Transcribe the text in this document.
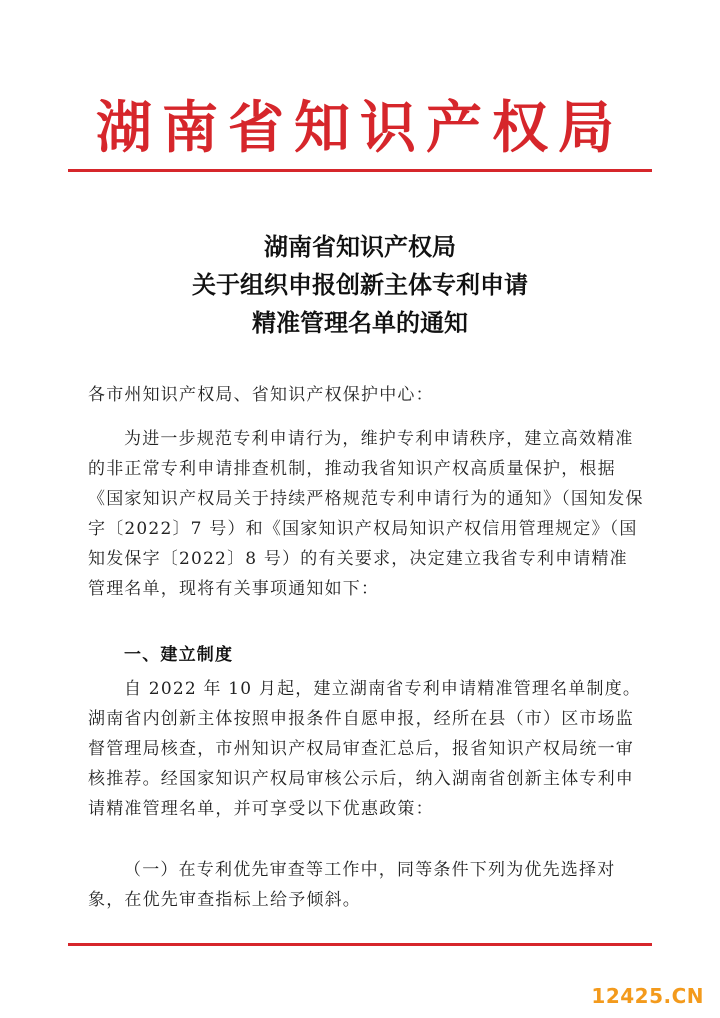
湖南省知识产权局
湖南省知识产权局
关于组织申报创新主体专利申请
精准管理名单的通知

各市州知识产权局、省知识产权保护中心：

为进一步规范专利申请行为，维护专利申请秩序，建立高效精准的非正常专利申请排查机制，推动我省知识产权高质量保护，根据《国家知识产权局关于持续严格规范专利申请行为的通知》（国知发保字〔2022〕7 号）和《国家知识产权局知识产权信用管理规定》（国知发保字〔2022〕8 号）的有关要求，决定建立我省专利申请精准管理名单，现将有关事项通知如下：

一、建立制度

自 2022 年 10 月起，建立湖南省专利申请精准管理名单制度。湖南省内创新主体按照申报条件自愿申报，经所在县（市）区市场监督管理局核查，市州知识产权局审查汇总后，报省知识产权局统一审核推荐。经国家知识产权局审核公示后，纳入湖南省创新主体专利申请精准管理名单，并可享受以下优惠政策：

（一）在专利优先审查等工作中，同等条件下列为优先选择对象，在优先审查指标上给予倾斜。

12425.CN
